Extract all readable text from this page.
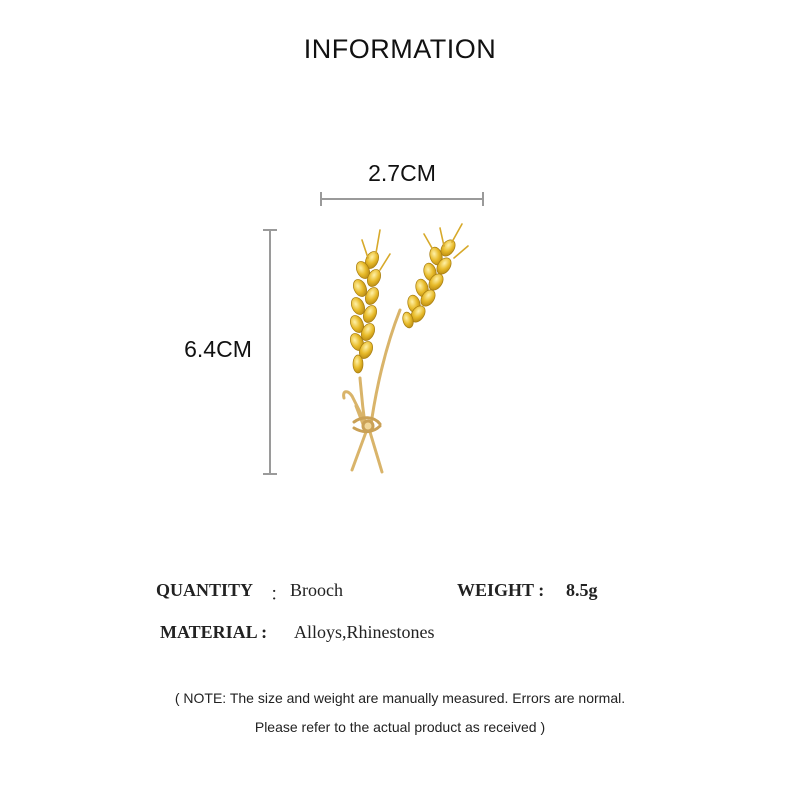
INFORMATION
2.7CM
6.4CM
QUANTITY ： Brooch	WEIGHT : 8.5g
MATERIAL : Alloys,Rhinestones
( NOTE: The size and weight are manually measured. Errors are normal.
Please refer to the actual product as received )
